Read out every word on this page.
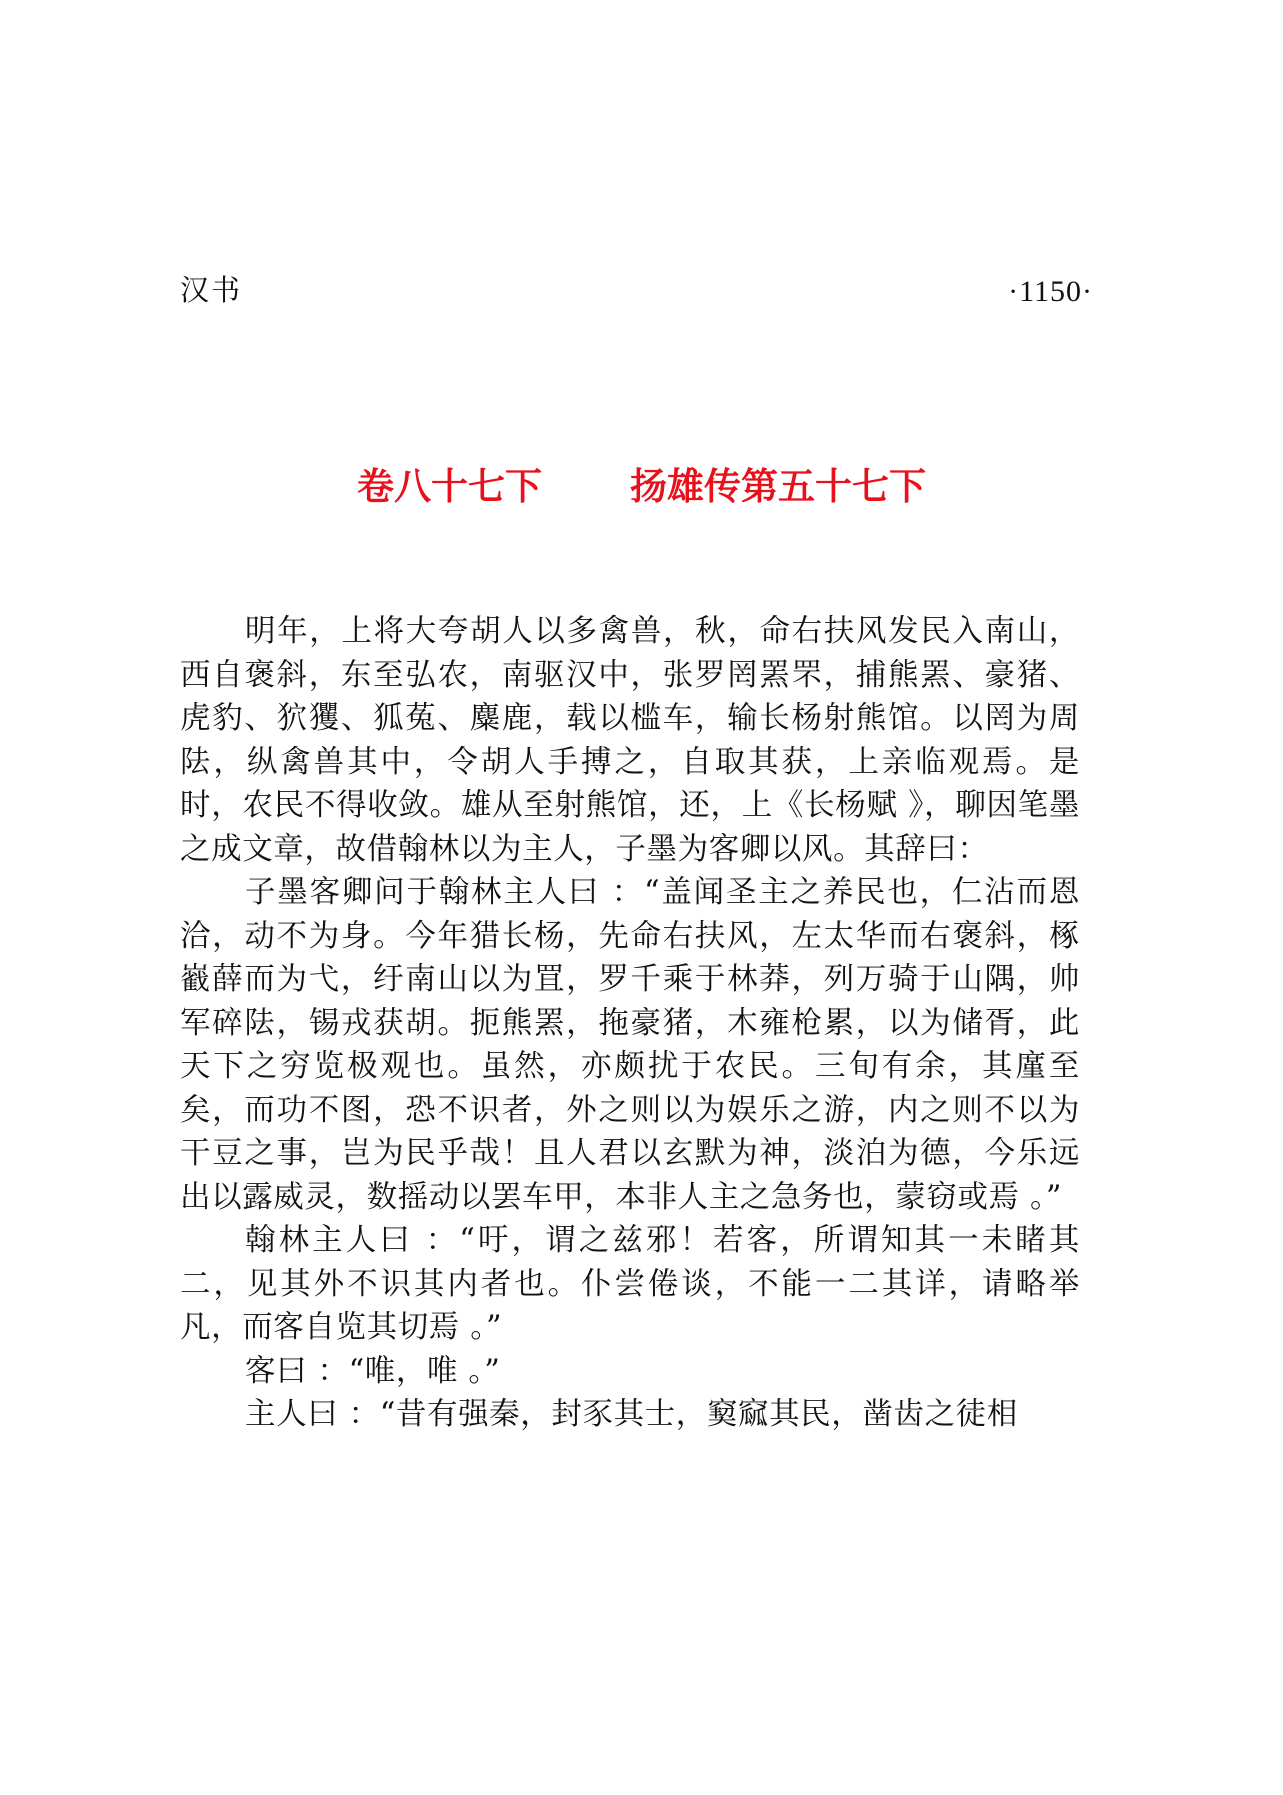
汉书	·1150·
卷八十七下 扬雄传第五十七下

明年，上将大夸胡人以多禽兽，秋，命右扶风发民入南山，西自褒斜，东至弘农，南驱汉中，张罗罔罴罘，捕熊罴、豪猪、虎豹、狖玃、狐菟、麋鹿，载以槛车，输长杨射熊馆。以罔为周阹，纵禽兽其中，令胡人手搏之，自取其获，上亲临观焉。是时，农民不得收敛。雄从至射熊馆，还，上《长杨赋 》，聊因笔墨之成文章，故借翰林以为主人，子墨为客卿以风。其辞曰：

子墨客卿问于翰林主人曰 ：“盖闻圣主之养民也，仁沾而恩洽，动不为身。今年猎长杨，先命右扶风，左太华而右褒斜，椓巀薛而为弋，纡南山以为罝，罗千乘于林莽，列万骑于山隅，帅军碎阹，锡戎获胡。扼熊罴，拖豪猪，木雍枪累，以为储胥，此天下之穷览极观也。虽然，亦颇扰于农民。三旬有余，其廑至矣，而功不图，恐不识者，外之则以为娱乐之游，内之则不以为干豆之事，岂为民乎哉！且人君以玄默为神，淡泊为德，今乐远出以露威灵，数摇动以罢车甲，本非人主之急务也，蒙窃或焉 。”

翰林主人曰 ：“吁，谓之兹邪！若客，所谓知其一未睹其二，见其外不识其内者也。仆尝倦谈，不能一二其详，请略举凡，而客自览其切焉 。”

客曰 ：“唯，唯 。”

主人曰 ：“昔有强秦，封豕其士，窫窳其民，凿齿之徒相
